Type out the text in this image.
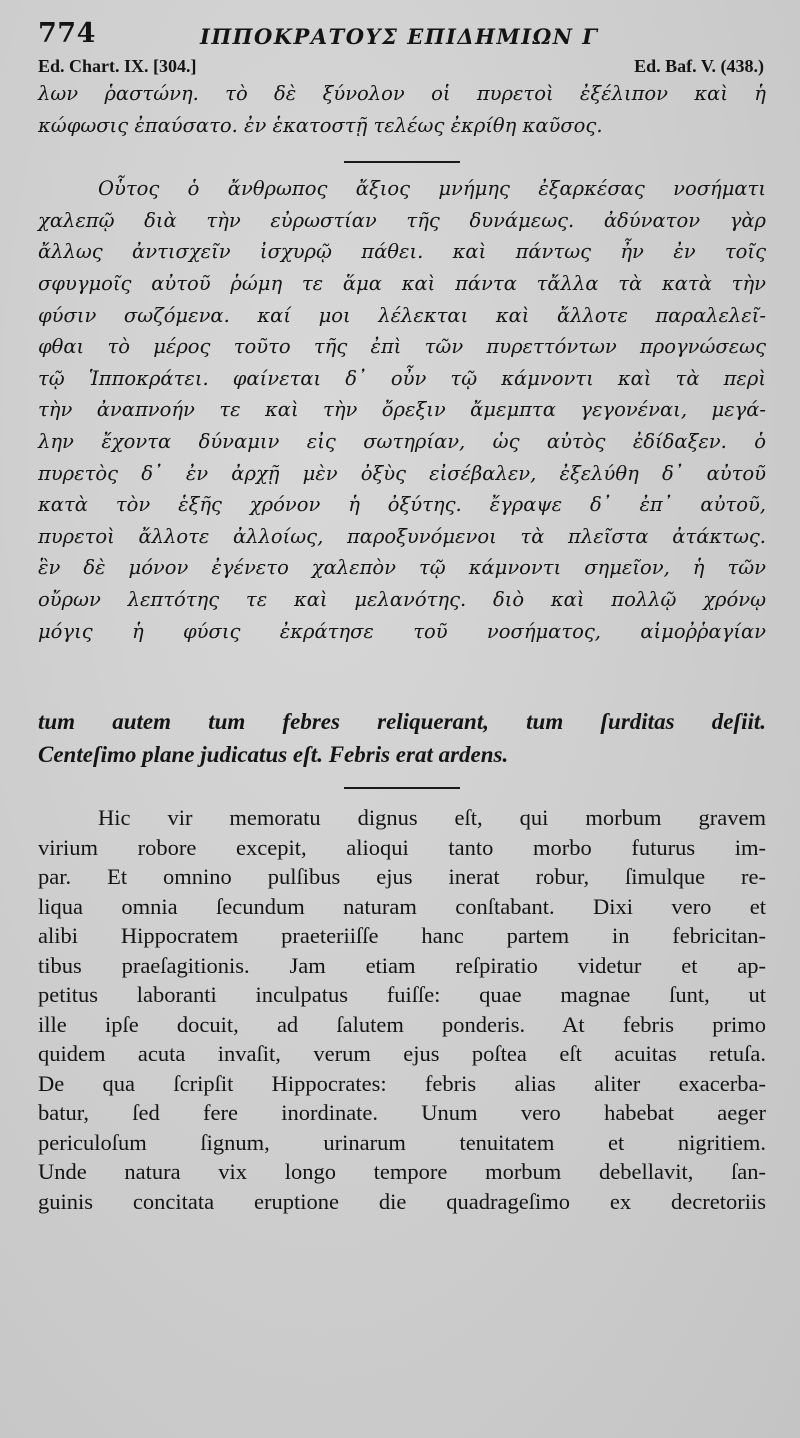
774	ΙΠΠΟΚΡΑΤΟΥΣ ΕΠΙΔΗΜΙΩΝ Γ
Ed. Chart. IX. [304.]	Ed. Baf. V. (438.)
λων ῥαστώνη. τὸ δὲ ξύνολον οἱ πυρετοὶ ἐξέλιπον καὶ ἡ
κώφωσις ἐπαύσατο. ἐν ἑκατοστῇ τελέως ἐκρίθη καῦσος.
Οὗτος ὁ ἄνθρωπος ἄξιος μνήμης ἐξαρκέσας νοσήματι
χαλεπῷ διὰ τὴν εὐρωστίαν τῆς δυνάμεως. ἀδύνατον γὰρ
ἄλλως ἀντισχεῖν ἰσχυρῷ πάθει. καὶ πάντως ἦν ἐν τοῖς
σφυγμοῖς αὐτοῦ ῥώμη τε ἅμα καὶ πάντα τἄλλα τὰ κατὰ τὴν
φύσιν σωζόμενα. καί μοι λέλεκται καὶ ἄλλοτε παραλελεῖ-
φθαι τὸ μέρος τοῦτο τῆς ἐπὶ τῶν πυρεττόντων προγνώσεως
τῷ Ἱπποκράτει. φαίνεται δ᾽ οὖν τῷ κάμνοντι καὶ τὰ περὶ
τὴν ἀναπνοήν τε καὶ τὴν ὄρεξιν ἄμεμπτα γεγονέναι, μεγά-
λην ἔχοντα δύναμιν εἰς σωτηρίαν, ὡς αὐτὸς ἐδίδαξεν. ὁ
πυρετὸς δ᾽ ἐν ἀρχῇ μὲν ὀξὺς εἰσέβαλεν, ἐξελύθη δ᾽ αὐτοῦ
κατὰ τὸν ἑξῆς χρόνον ἡ ὀξύτης. ἔγραψε δ᾽ ἐπ᾽ αὐτοῦ,
πυρετοὶ ἄλλοτε ἀλλοίως, παροξυνόμενοι τὰ πλεῖστα ἀτάκτως.
ἓν δὲ μόνον ἐγένετο χαλεπὸν τῷ κάμνοντι σημεῖον, ἡ τῶν
οὔρων λεπτότης τε καὶ μελανότης. διὸ καὶ πολλῷ χρόνῳ
μόγις ἡ φύσις ἐκράτησε τοῦ νοσήματος, αἱμοῤῥαγίαν
tum autem tum febres reliquerant, tum ſurditas deſiit.
Centeſimo plane judicatus eſt. Febris erat ardens.
Hic vir memoratu dignus eſt, qui morbum gravem
virium robore excepit, alioqui tanto morbo futurus im-
par. Et omnino pulſibus ejus inerat robur, ſimulque re-
liqua omnia ſecundum naturam conſtabant. Dixi vero et
alibi Hippocratem praeteriiſſe hanc partem in febricitan-
tibus praeſagitionis. Jam etiam reſpiratio videtur et ap-
petitus laboranti inculpatus fuiſſe: quae magnae ſunt, ut
ille ipſe docuit, ad ſalutem ponderis. At febris primo
quidem acuta invaſit, verum ejus poſtea eſt acuitas retuſa.
De qua ſcripſit Hippocrates: febris alias aliter exacerba-
batur, ſed fere inordinate. Unum vero habebat aeger
periculoſum ſignum, urinarum tenuitatem et nigritiem.
Unde natura vix longo tempore morbum debellavit, ſan-
guinis concitata eruptione die quadrageſimo ex decretoriis
